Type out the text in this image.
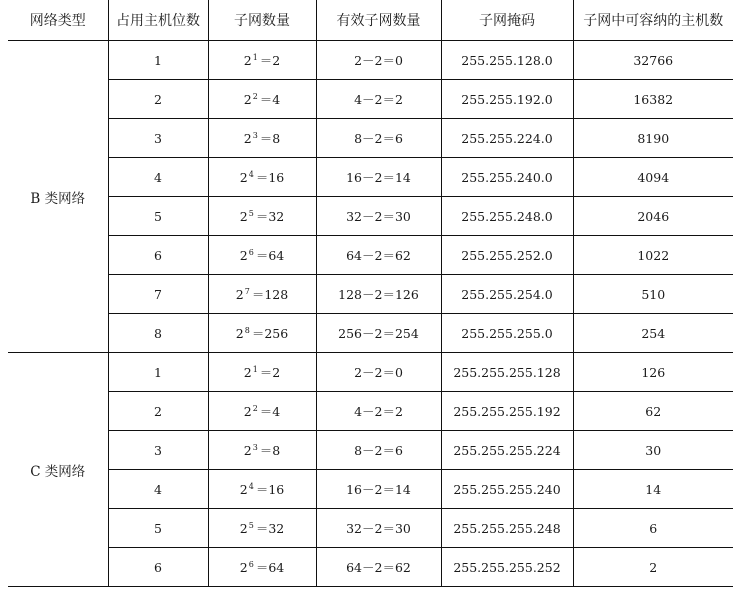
网络类型	占用主机位数	子网数量	有效子网数量	子网掩码	子网中可容纳的主机数
B 类网络	1	21 ＝2	2－2＝0	255.255.128.0	32766
	2	22 ＝4	4－2＝2	255.255.192.0	16382
	3	23 ＝8	8－2＝6	255.255.224.0	8190
	4	24 ＝16	16－2＝14	255.255.240.0	4094
	5	25 ＝32	32－2＝30	255.255.248.0	2046
	6	26 ＝64	64－2＝62	255.255.252.0	1022
	7	27 ＝128	128－2＝126	255.255.254.0	510
	8	28 ＝256	256－2＝254	255.255.255.0	254
C 类网络	1	21 ＝2	2－2＝0	255.255.255.128	126
	2	22 ＝4	4－2＝2	255.255.255.192	62
	3	23 ＝8	8－2＝6	255.255.255.224	30
	4	24 ＝16	16－2＝14	255.255.255.240	14
	5	25 ＝32	32－2＝30	255.255.255.248	6
	6	26 ＝64	64－2＝62	255.255.255.252	2
